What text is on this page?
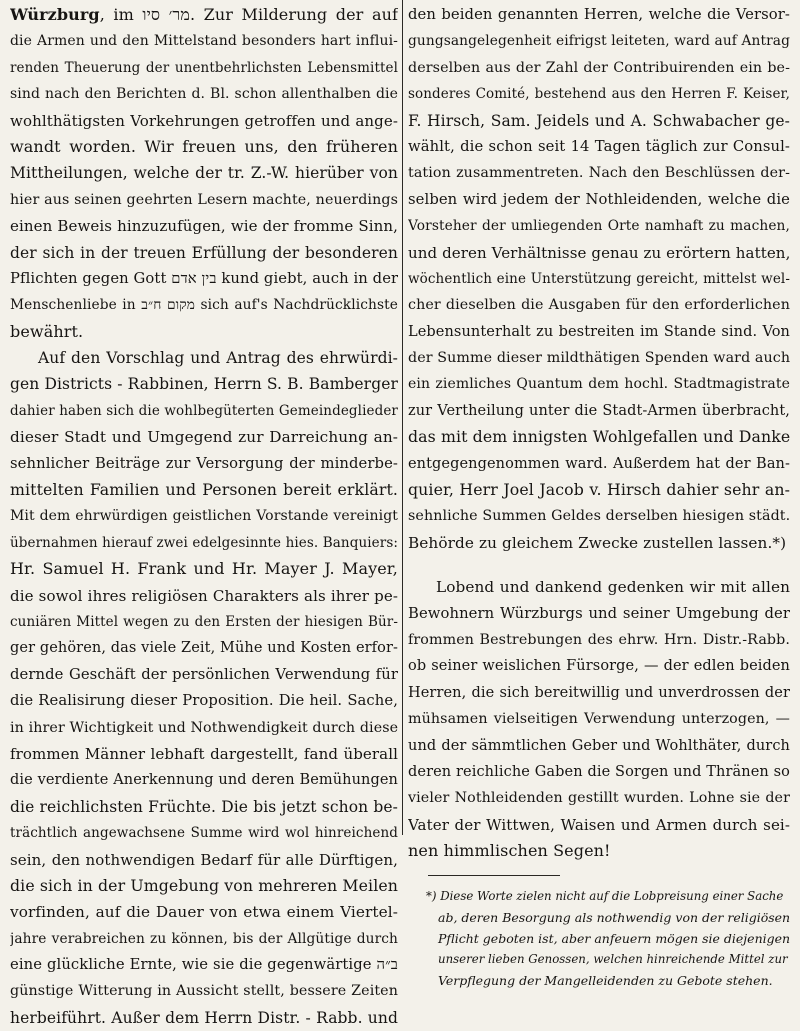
Würzburg, im מר׳ סיו. Zur Milderung der auf
die Armen und den Mittelstand besonders hart influi-
renden Theuerung der unentbehrlichsten Lebensmittel
sind nach den Berichten d. Bl. schon allenthalben die
wohlthätigsten Vorkehrungen getroffen und ange-
wandt worden. Wir freuen uns, den früheren
Mittheilungen, welche der tr. Z.-W. hierüber von
hier aus seinen geehrten Lesern machte, neuerdings
einen Beweis hinzuzufügen, wie der fromme Sinn,
der sich in der treuen Erfüllung der besonderen
Pflichten gegen Gott בין אדם kund giebt, auch in der
Menschenliebe in מקום ח״ב sich auf's Nachdrücklichste
bewährt.
Auf den Vorschlag und Antrag des ehrwürdi-
gen Districts - Rabbinen, Herrn S. B. Bamberger
dahier haben sich die wohlbegüterten Gemeindeglieder
dieser Stadt und Umgegend zur Darreichung an-
sehnlicher Beiträge zur Versorgung der minderbe-
mittelten Familien und Personen bereit erklärt.
Mit dem ehrwürdigen geistlichen Vorstande vereinigt
übernahmen hierauf zwei edelgesinnte hies. Banquiers:
Hr. Samuel H. Frank und Hr. Mayer J. Mayer,
die sowol ihres religiösen Charakters als ihrer pe-
cuniären Mittel wegen zu den Ersten der hiesigen Bür-
ger gehören, das viele Zeit, Mühe und Kosten erfor-
dernde Geschäft der persönlichen Verwendung für
die Realisirung dieser Proposition. Die heil. Sache,
in ihrer Wichtigkeit und Nothwendigkeit durch diese
frommen Männer lebhaft dargestellt, fand überall
die verdiente Anerkennung und deren Bemühungen
die reichlichsten Früchte. Die bis jetzt schon be-
trächtlich angewachsene Summe wird wol hinreichend
sein, den nothwendigen Bedarf für alle Dürftigen,
die sich in der Umgebung von mehreren Meilen
vorfinden, auf die Dauer von etwa einem Viertel-
jahre verabreichen zu können, bis der Allgütige durch
eine glückliche Ernte, wie sie die gegenwärtige ב״ה
günstige Witterung in Aussicht stellt, bessere Zeiten
herbeiführt. Außer dem Herrn Distr. - Rabb. und
den beiden genannten Herren, welche die Versor-
gungsangelegenheit eifrigst leiteten, ward auf Antrag
derselben aus der Zahl der Contribuirenden ein be-
sonderes Comité, bestehend aus den Herren F. Keiser,
F. Hirsch, Sam. Jeidels und A. Schwabacher ge-
wählt, die schon seit 14 Tagen täglich zur Consul-
tation zusammentreten. Nach den Beschlüssen der-
selben wird jedem der Nothleidenden, welche die
Vorsteher der umliegenden Orte namhaft zu machen,
und deren Verhältnisse genau zu erörtern hatten,
wöchentlich eine Unterstützung gereicht, mittelst wel-
cher dieselben die Ausgaben für den erforderlichen
Lebensunterhalt zu bestreiten im Stande sind. Von
der Summe dieser mildthätigen Spenden ward auch
ein ziemliches Quantum dem hochl. Stadtmagistrate
zur Vertheilung unter die Stadt-Armen überbracht,
das mit dem innigsten Wohlgefallen und Danke
entgegengenommen ward. Außerdem hat der Ban-
quier, Herr Joel Jacob v. Hirsch dahier sehr an-
sehnliche Summen Geldes derselben hiesigen städt.
Behörde zu gleichem Zwecke zustellen lassen.*)
Lobend und dankend gedenken wir mit allen
Bewohnern Würzburgs und seiner Umgebung der
frommen Bestrebungen des ehrw. Hrn. Distr.-Rabb.
ob seiner weislichen Fürsorge, — der edlen beiden
Herren, die sich bereitwillig und unverdrossen der
mühsamen vielseitigen Verwendung unterzogen, —
und der sämmtlichen Geber und Wohlthäter, durch
deren reichliche Gaben die Sorgen und Thränen so
vieler Nothleidenden gestillt wurden. Lohne sie der
Vater der Wittwen, Waisen und Armen durch sei-
nen himmlischen Segen!
*) Diese Worte zielen nicht auf die Lobpreisung einer Sache
ab, deren Besorgung als nothwendig von der religiösen
Pflicht geboten ist, aber anfeuern mögen sie diejenigen
unserer lieben Genossen, welchen hinreichende Mittel zur
Verpflegung der Mangelleidenden zu Gebote stehen.
